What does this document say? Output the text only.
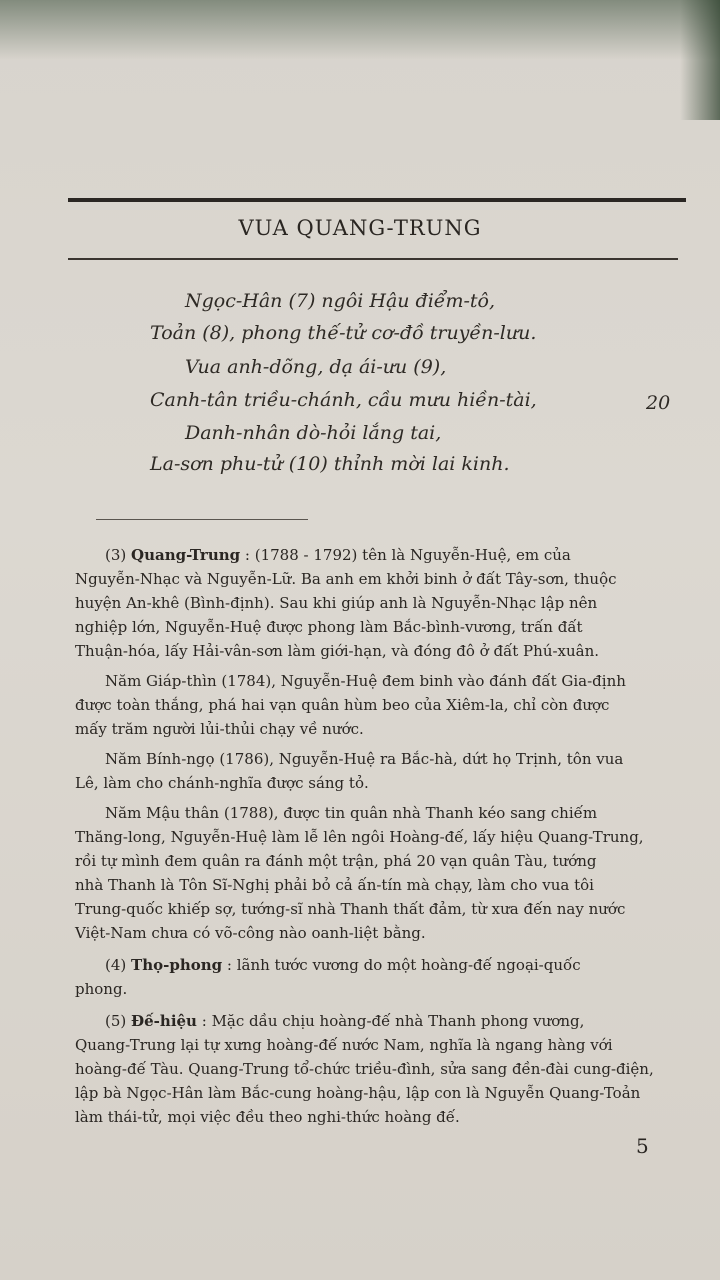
VUA QUANG-TRUNG
Ngọc-Hân (7) ngôi Hậu điểm-tô,
Toản (8), phong thế-tử cơ-đồ truyền-lưu.
Vua anh-dõng, dạ ái-ưu (9),
Canh-tân triều-chánh, cầu mưu hiền-tài,
Danh-nhân dò-hỏi lắng tai,
La-sơn phu-tử (10) thỉnh mời lai kinh.
20
(3) Quang-Trung : (1788 - 1792) tên là Nguyễn-Huệ, em của
Nguyễn-Nhạc và Nguyễn-Lữ. Ba anh em khởi binh ở đất Tây-sơn, thuộc
huyện An-khê (Bình-định). Sau khi giúp anh là Nguyễn-Nhạc lập nên
nghiệp lớn, Nguyễn-Huệ được phong làm Bắc-bình-vương, trấn đất
Thuận-hóa, lấy Hải-vân-sơn làm giới-hạn, và đóng đô ở đất Phú-xuân.
Năm Giáp-thìn (1784), Nguyễn-Huệ đem binh vào đánh đất Gia-định
được toàn thắng, phá hai vạn quân hùm beo của Xiêm-la, chỉ còn được
mấy trăm người lủi-thủi chạy về nước.
Năm Bính-ngọ (1786), Nguyễn-Huệ ra Bắc-hà, dứt họ Trịnh, tôn vua
Lê, làm cho chánh-nghĩa được sáng tỏ.
Năm Mậu thân (1788), được tin quân nhà Thanh kéo sang chiếm
Thăng-long, Nguyễn-Huệ làm lễ lên ngôi Hoàng-đế, lấy hiệu Quang-Trung,
rồi tự mình đem quân ra đánh một trận, phá 20 vạn quân Tàu, tướng
nhà Thanh là Tôn Sĩ-Nghị phải bỏ cả ấn-tín mà chạy, làm cho vua tôi
Trung-quốc khiếp sợ, tướng-sĩ nhà Thanh thất đảm, từ xưa đến nay nước
Việt-Nam chưa có võ-công nào oanh-liệt bằng.
(4) Thọ-phong : lãnh tước vương do một hoàng-đế ngoại-quốc
phong.
(5) Đế-hiệu : Mặc dầu chịu hoàng-đế nhà Thanh phong vương,
Quang-Trung lại tự xưng hoàng-đế nước Nam, nghĩa là ngang hàng với
hoàng-đế Tàu. Quang-Trung tổ-chức triều-đình, sửa sang đền-đài cung-điện,
lập bà Ngọc-Hân làm Bắc-cung hoàng-hậu, lập con là Nguyễn Quang-Toản
làm thái-tử, mọi việc đều theo nghi-thức hoàng đế.
5
